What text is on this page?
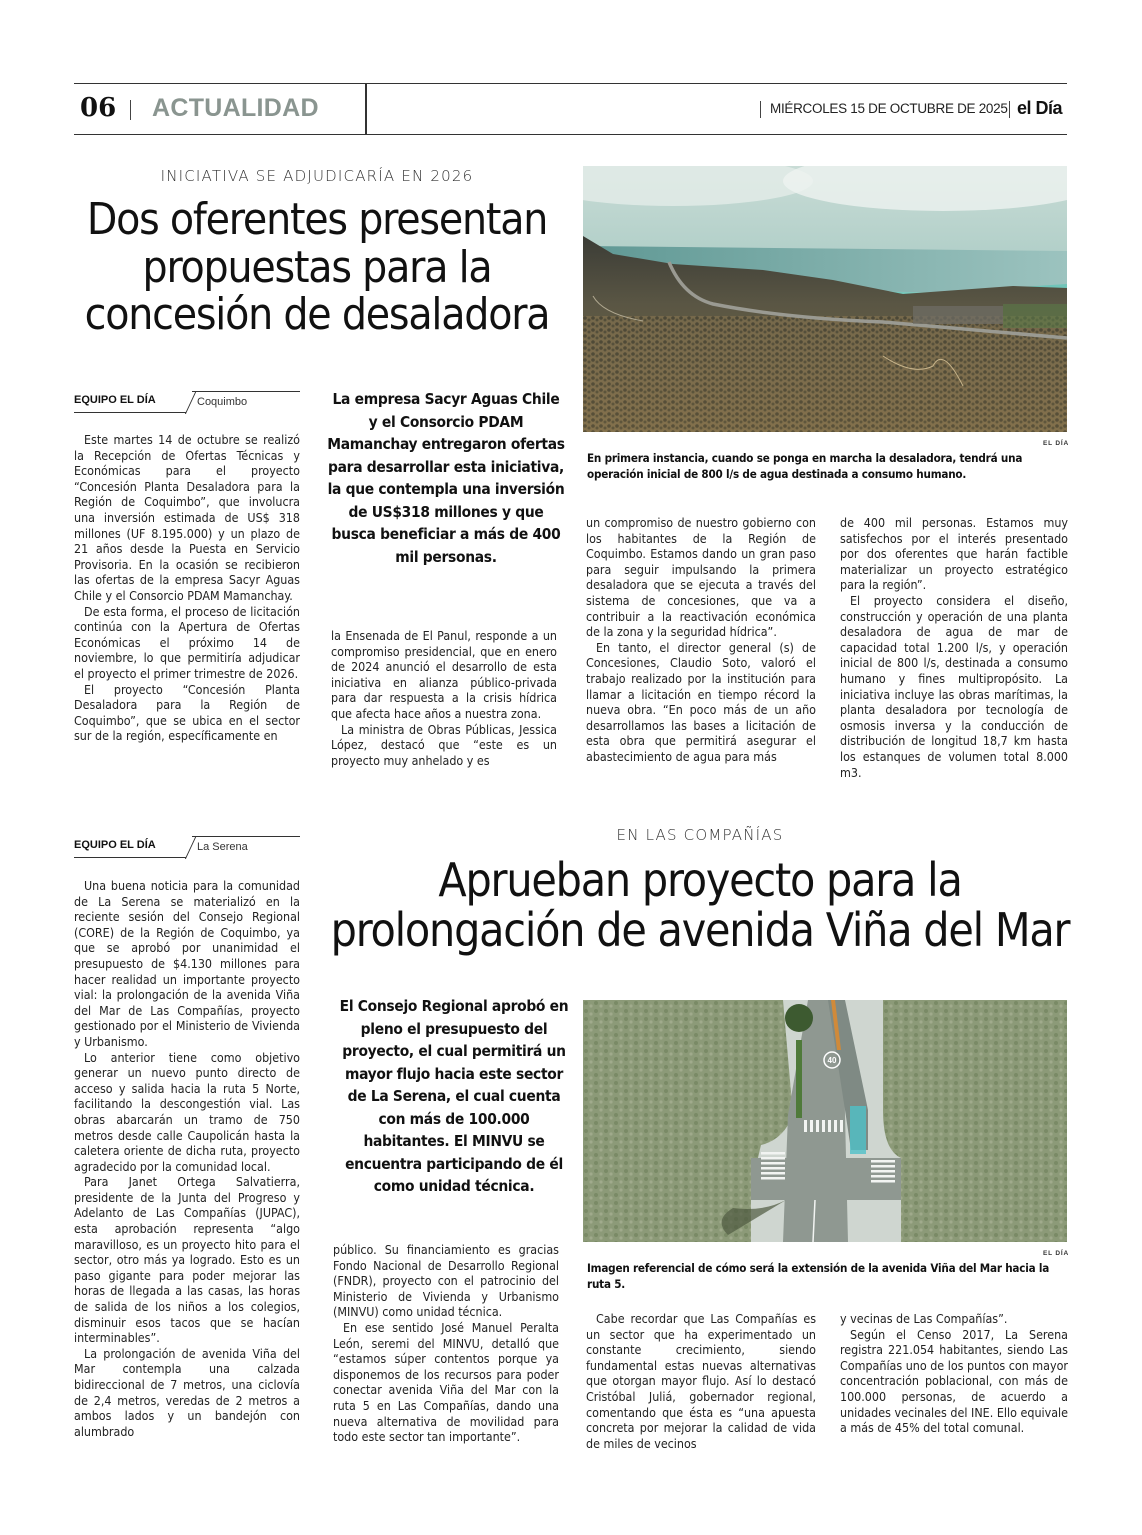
06 ACTUALIDAD	MIÉRCOLES 15 DE OCTUBRE DE 2025 el Día
INICIATIVA SE ADJUDICARÍA EN 2026
Dos oferentes presentan
propuestas para la
concesión de desaladora
EQUIPO EL DÍA	Coquimbo

Este martes 14 de octubre se realizó la Recepción de Ofertas Técnicas y Económicas para el proyecto “Concesión Planta Desaladora para la Región de Coquimbo”, que involucra una inversión estimada de US$ 318 millones (UF 8.195.000) y un plazo de 21 años desde la Puesta en Servicio Provisoria. En la ocasión se recibieron las ofertas de la empresa Sacyr Aguas Chile y el Consorcio PDAM Mamanchay.

De esta forma, el proceso de licitación continúa con la Apertura de Ofertas Económicas el próximo 14 de noviembre, lo que permitiría adjudicar el proyecto el primer trimestre de 2026.

El proyecto “Concesión Planta Desaladora para la Región de Coquimbo”, que se ubica en el sector sur de la región, específicamente en

La empresa Sacyr Aguas Chile y el Consorcio PDAM Mamanchay entregaron ofertas para desarrollar esta iniciativa, la que contempla una inversión de US$318 millones y que busca beneficiar a más de 400 mil personas.

la Ensenada de El Panul, responde a un compromiso presidencial, que en enero de 2024 anunció el desarrollo de esta iniciativa en alianza público-privada para dar respuesta a la crisis hídrica que afecta hace años a nuestra zona.

La ministra de Obras Públicas, Jessica López, destacó que “este es un proyecto muy anhelado y es

EL DÍA
En primera instancia, cuando se ponga en marcha la desaladora, tendrá una operación inicial de 800 l/s de agua destinada a consumo humano.

un compromiso de nuestro gobierno con los habitantes de la Región de Coquimbo. Estamos dando un gran paso para seguir impulsando la primera desaladora que se ejecuta a través del sistema de concesiones, que va a contribuir a la reactivación económica de la zona y la seguridad hídrica”.

En tanto, el director general (s) de Concesiones, Claudio Soto, valoró el trabajo realizado por la institución para llamar a licitación en tiempo récord la nueva obra. “En poco más de un año desarrollamos las bases a licitación de esta obra que permitirá asegurar el abastecimiento de agua para más

de 400 mil personas. Estamos muy satisfechos por el interés presentado por dos oferentes que harán factible materializar un proyecto estratégico para la región”.

El proyecto considera el diseño, construcción y operación de una planta desaladora de agua de mar de capacidad total 1.200 l/s, y operación inicial de 800 l/s, destinada a consumo humano y fines multipropósito. La iniciativa incluye las obras marítimas, la planta desaladora por tecnología de osmosis inversa y la conducción de distribución de longitud 18,7 km hasta los estanques de volumen total 8.000 m3.

EQUIPO EL DÍA	La Serena
EN LAS COMPAÑÍAS
Aprueban proyecto para la
prolongación de avenida Viña del Mar

Una buena noticia para la comunidad de La Serena se materializó en la reciente sesión del Consejo Regional (CORE) de la Región de Coquimbo, ya que se aprobó por unanimidad el presupuesto de $4.130 millones para hacer realidad un importante proyecto vial: la prolongación de la avenida Viña del Mar de Las Compañías, proyecto gestionado por el Ministerio de Vivienda y Urbanismo.

Lo anterior tiene como objetivo generar un nuevo punto directo de acceso y salida hacia la ruta 5 Norte, facilitando la descongestión vial. Las obras abarcarán un tramo de 750 metros desde calle Caupolicán hasta la caletera oriente de dicha ruta, proyecto agradecido por la comunidad local.

Para Janet Ortega Salvatierra, presidente de la Junta del Progreso y Adelanto de Las Compañías (JUPAC), esta aprobación representa “algo maravilloso, es un proyecto hito para el sector, otro más ya logrado. Esto es un paso gigante para poder mejorar las horas de llegada a las casas, las horas de salida de los niños a los colegios, disminuir esos tacos que se hacían interminables”.

La prolongación de avenida Viña del Mar contempla una calzada bidireccional de 7 metros, una ciclovía de 2,4 metros, veredas de 2 metros a ambos lados y un bandejón con alumbrado

El Consejo Regional aprobó en pleno el presupuesto del proyecto, el cual permitirá un mayor flujo hacia este sector de La Serena, el cual cuenta con más de 100.000 habitantes. El MINVU se encuentra participando de él como unidad técnica.

público. Su financiamiento es gracias Fondo Nacional de Desarrollo Regional (FNDR), proyecto con el patrocinio del Ministerio de Vivienda y Urbanismo (MINVU) como unidad técnica.

En ese sentido José Manuel Peralta León, seremi del MINVU, detalló que “estamos súper contentos porque ya disponemos de los recursos para poder conectar avenida Viña del Mar con la ruta 5 en Las Compañías, dando una nueva alternativa de movilidad para todo este sector tan importante”.

40
EL DÍA
Imagen referencial de cómo será la extensión de la avenida Viña del Mar hacia la ruta 5.

Cabe recordar que Las Compañías es un sector que ha experimentado un constante crecimiento, siendo fundamental estas nuevas alternativas que otorgan mayor flujo. Así lo destacó Cristóbal Juliá, gobernador regional, comentando que ésta es “una apuesta concreta por mejorar la calidad de vida de miles de vecinos

y vecinas de Las Compañías”.

Según el Censo 2017, La Serena registra 221.054 habitantes, siendo Las Compañías uno de los puntos con mayor concentración poblacional, con más de 100.000 personas, de acuerdo a unidades vecinales del INE. Ello equivale a más de 45% del total comunal.
